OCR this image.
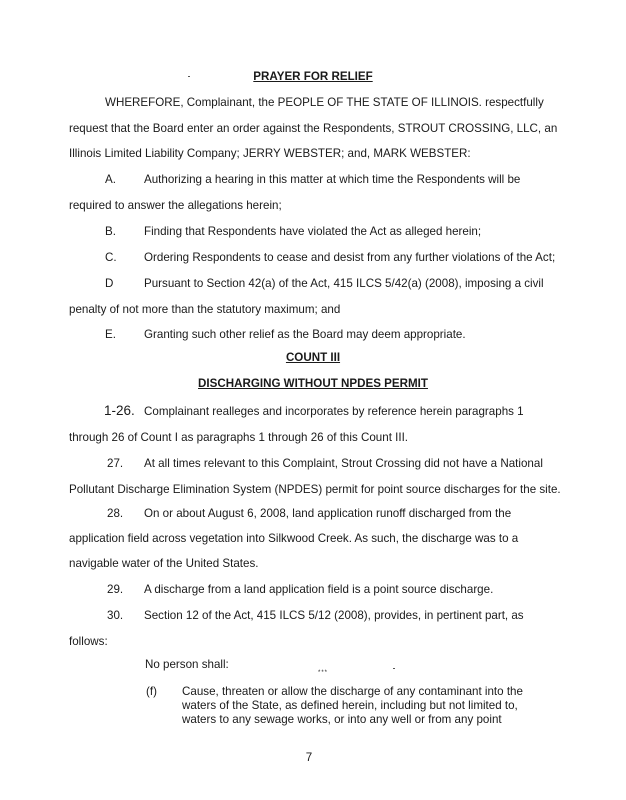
PRAYER FOR RELIEF
WHEREFORE, Complainant, the PEOPLE OF THE STATE OF ILLINOIS. respectfully
request that the Board enter an order against the Respondents, STROUT CROSSING, LLC, an
Illinois Limited Liability Company; JERRY WEBSTER; and, MARK WEBSTER:
A. Authorizing a hearing in this matter at which time the Respondents will be
required to answer the allegations herein;
B. Finding that Respondents have violated the Act as alleged herein;
C. Ordering Respondents to cease and desist from any further violations of the Act;
D	Pursuant to Section 42(a) of the Act, 415 ILCS 5/42(a) (2008), imposing a civil
penalty of not more than the statutory maximum; and
E. Granting such other relief as the Board may deem appropriate.
COUNT III
DISCHARGING WITHOUT NPDES PERMIT
1-26. Complainant realleges and incorporates by reference herein paragraphs 1
through 26 of Count I as paragraphs 1 through 26 of this Count III.
27. At all times relevant to this Complaint, Strout Crossing did not have a National
Pollutant Discharge Elimination System (NPDES) permit for point source discharges for the site.
28. On or about August 6, 2008, land application runoff discharged from the
application field across vegetation into Silkwood Creek. As such, the discharge was to a
navigable water of the United States.
29. A discharge from a land application field is a point source discharge.
30. Section 12 of the Act, 415 ILCS 5/12 (2008), provides, in pertinent part, as
follows:
No person shall:
***
(f) Cause, threaten or allow the discharge of any contaminant into the
waters of the State, as defined herein, including but not limited to,
waters to any sewage works, or into any well or from any point
7
